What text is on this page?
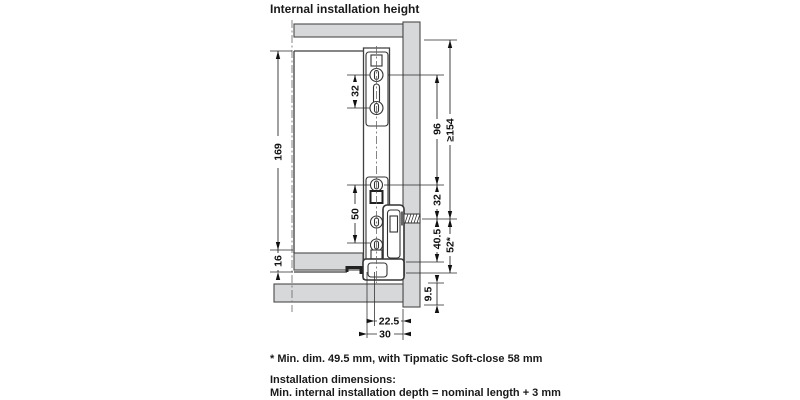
169
16
32
50
96
32
40.5
≥154
52*
9.5
22.5
30
Internal installation height
* Min. dim. 49.5 mm, with Tipmatic Soft-close 58 mm
Installation dimensions:
Min. internal installation depth = nominal length + 3 mm
